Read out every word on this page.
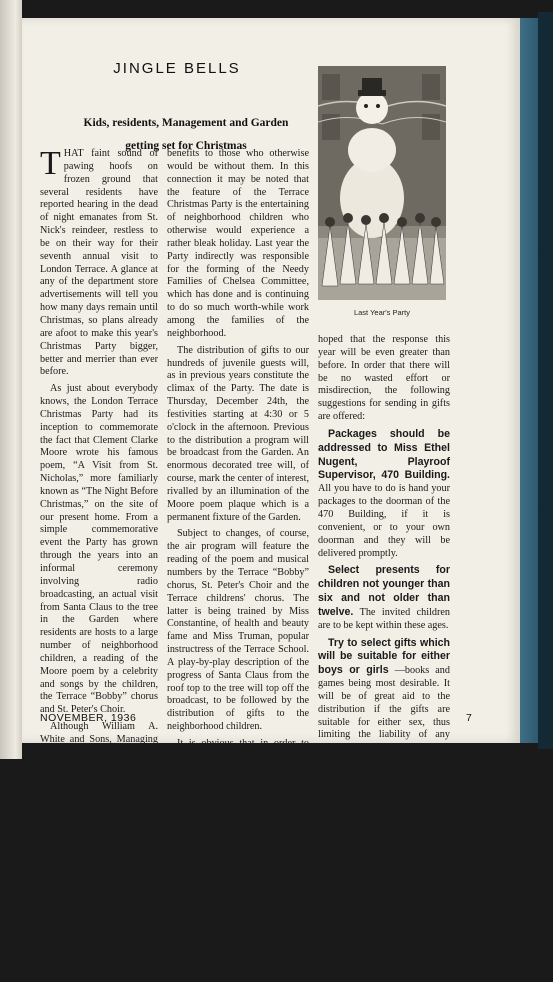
JINGLE BELLS
Kids, residents, Management and Garden getting set for Christmas

THAT faint sound of pawing hoofs on frozen ground that several residents have reported hearing in the dead of night emanates from St. Nick's reindeer, restless to be on their way for their seventh annual visit to London Terrace. A glance at any of the department store advertisements will tell you how many days remain until Christmas, so plans already are afoot to make this year's Christmas Party bigger, better and merrier than ever before.

As just about everybody knows, the London Terrace Christmas Party had its inception to commemorate the fact that Clement Clarke Moore wrote his famous poem, “A Visit from St. Nicholas,” more familiarly known as “The Night Before Christmas,” on the site of our present home. From a simple commemorative event the Party has grown through the years into an informal ceremony involving radio broadcasting, an actual visit from Santa Claus to the tree in the Garden where residents are hosts to a large number of neighborhood children, a reading of the Moore poem by a celebrity and songs by the children, the Terrace “Bobby” chorus and St. Peter's Choir.

Although William A. White and Sons, Managing Agents for London Terrace, are technically in charge of proceedings, the success of the Party depends, of course upon friendly cooperation from tenants. This cooperation has been in increasing evidence from year to year and should reach a high mark with this season's celebration. Christmas is one time when the New Yorker's traditional aloofness from his neighbors is broken down to some extent, particularly when the spirit of cooperation is needed to bring

benefits to those who otherwise would be without them. In this connection it may be noted that the feature of the Terrace Christmas Party is the entertaining of neighborhood children who otherwise would experience a rather bleak holiday. Last year the Party indirectly was responsible for the forming of the Needy Families of Chelsea Committee, which has done and is continuing to do so much worth-while work among the families of the neighborhood.

The distribution of gifts to our hundreds of juvenile guests will, as in previous years constitute the climax of the Party. The date is Thursday, December 24th, the festivities starting at 4:30 or 5 o'clock in the afternoon. Previous to the distribution a program will be broadcast from the Garden. An enormous decorated tree will, of course, mark the center of interest, rivalled by an illumination of the Moore poem plaque which is a permanent fixture of the Garden.

Subject to changes, of course, the air program will feature the reading of the poem and musical numbers by the Terrace “Bobby” chorus, St. Peter's Choir and the Terrace childrens' chorus. The latter is being trained by Miss Constantine, of health and beauty fame and Miss Truman, popular instructress of the Terrace School. A play-by-play description of the progress of Santa Claus from the roof top to the tree will top off the broadcast, to be followed by the distribution of gifts to the neighborhood children.

It is obvious that in order to distribute gifts there must be gifts to distribute, so here is where cooperation is especially needed. Residents have been extremely generous in the past and it is

hoped that the response this year will be even greater than before. In order that there will be no wasted effort or misdirection, the following suggestions for sending in gifts are offered:

Packages should be addressed to Miss Ethel Nugent, Playroof Supervisor, 470 Building. All you have to do is hand your packages to the doorman of the 470 Building, if it is convenient, or to your own doorman and they will be delivered promptly.

Select presents for children not younger than six and not older than twelve. The invited children are to be kept within these ages.

Try to select gifts which will be suitable for either boys or girls —books and games being most desirable. It will be of great aid to the distribution if the gifts are suitable for either sex, thus limiting the liability of any child going away with something he or she does not want.

Money will be accepted with pleasure! It will not, of course, be distributed to the children in

(Continued on page 14)

NOVEMBER, 1936	7
Last Year's Party
